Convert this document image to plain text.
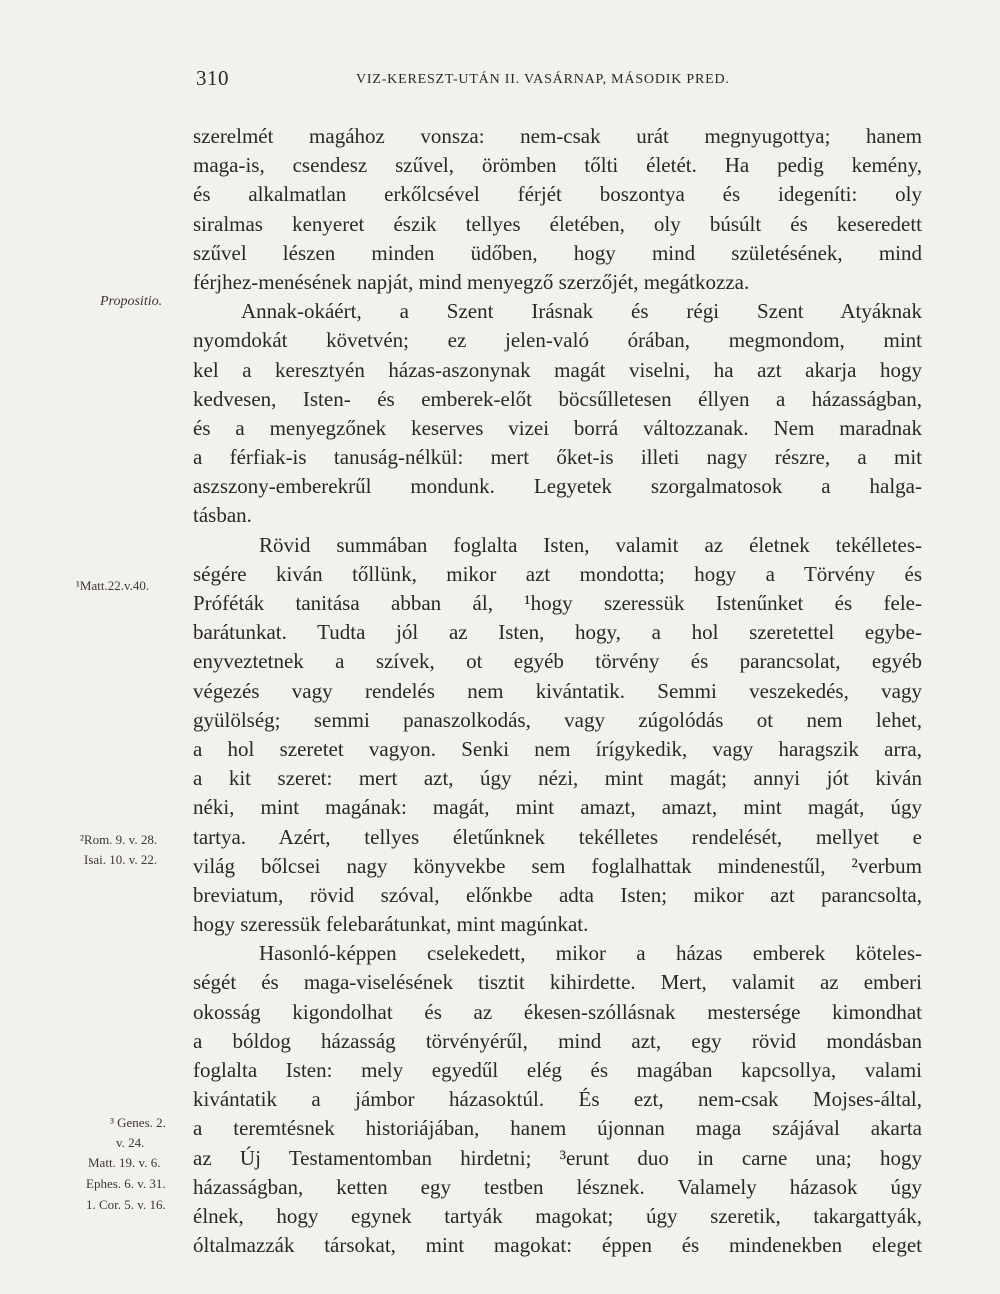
310	VIZ-KERESZT-UTÁN II. VASÁRNAP, MÁSODIK PRED.
szerelmét magához vonsza: nem-csak urát megnyugottya; hanem
maga-is, csendesz szűvel, örömben tőlti életét. Ha pedig kemény,
és alkalmatlan erkőlcsével férjét boszontya és idegeníti: oly
siralmas kenyeret észik tellyes életében, oly búsúlt és keseredett
szűvel lészen minden üdőben, hogy mind születésének, mind
férjhez-menésének napját, mind menyegző szerzőjét, megátkozza.
Annak-okáért, a Szent Irásnak és régi Szent Atyáknak
nyomdokát követvén; ez jelen-való órában, megmondom, mint
kel a keresztyén házas-aszonynak magát viselni, ha azt akarja hogy
kedvesen, Isten- és emberek-előt böcsűlletesen éllyen a házasságban,
és a menyegzőnek keserves vizei borrá változzanak. Nem maradnak
a férfiak-is tanuság-nélkül: mert őket-is illeti nagy részre, a mit
aszszony-emberekrűl mondunk. Legyetek szorgalmatosok a halga-
tásban.
Rövid summában foglalta Isten, valamit az életnek tekélletes-
ségére kiván tőllünk, mikor azt mondotta; hogy a Törvény és
Próféták tanitása abban ál, ¹hogy szeressük Istenűnket és fele-
barátunkat. Tudta jól az Isten, hogy, a hol szeretettel egybe-
enyveztetnek a szívek, ot egyéb törvény és parancsolat, egyéb
végezés vagy rendelés nem kivántatik. Semmi veszekedés, vagy
gyülölség; semmi panaszolkodás, vagy zúgolódás ot nem lehet,
a hol szeretet vagyon. Senki nem írígykedik, vagy haragszik arra,
a kit szeret: mert azt, úgy nézi, mint magát; annyi jót kiván
néki, mint magának: magát, mint amazt, amazt, mint magát, úgy
tartya. Azért, tellyes életűnknek tekélletes rendelését, mellyet e
világ bőlcsei nagy könyvekbe sem foglalhattak mindenestűl, ²verbum
breviatum, rövid szóval, előnkbe adta Isten; mikor azt parancsolta,
hogy szeressük felebarátunkat, mint magúnkat.
Hasonló-képpen cselekedett, mikor a házas emberek köteles-
ségét és maga-viselésének tisztit kihirdette. Mert, valamit az emberi
okosság kigondolhat és az ékesen-szóllásnak mestersége kimondhat
a bóldog házasság törvényérűl, mind azt, egy rövid mondásban
foglalta Isten: mely egyedűl elég és magában kapcsollya, valami
kivántatik a jámbor házasoktúl. És ezt, nem-csak Mojses-által,
a teremtésnek historiájában, hanem újonnan maga szájával akarta
az Új Testamentomban hirdetni; ³erunt duo in carne una; hogy
házasságban, ketten egy testben lésznek. Valamely házasok úgy
élnek, hogy egynek tartyák magokat; úgy szeretik, takargattyák,
óltalmazzák társokat, mint magokat: éppen és mindenekben eleget
Propositio.
¹Matt.22.v.40.
²Rom. 9. v. 28.
Isai. 10. v. 22.
³ Genes. 2.
v. 24.
Matt. 19. v. 6.
Ephes. 6. v. 31.
1. Cor. 5. v. 16.
